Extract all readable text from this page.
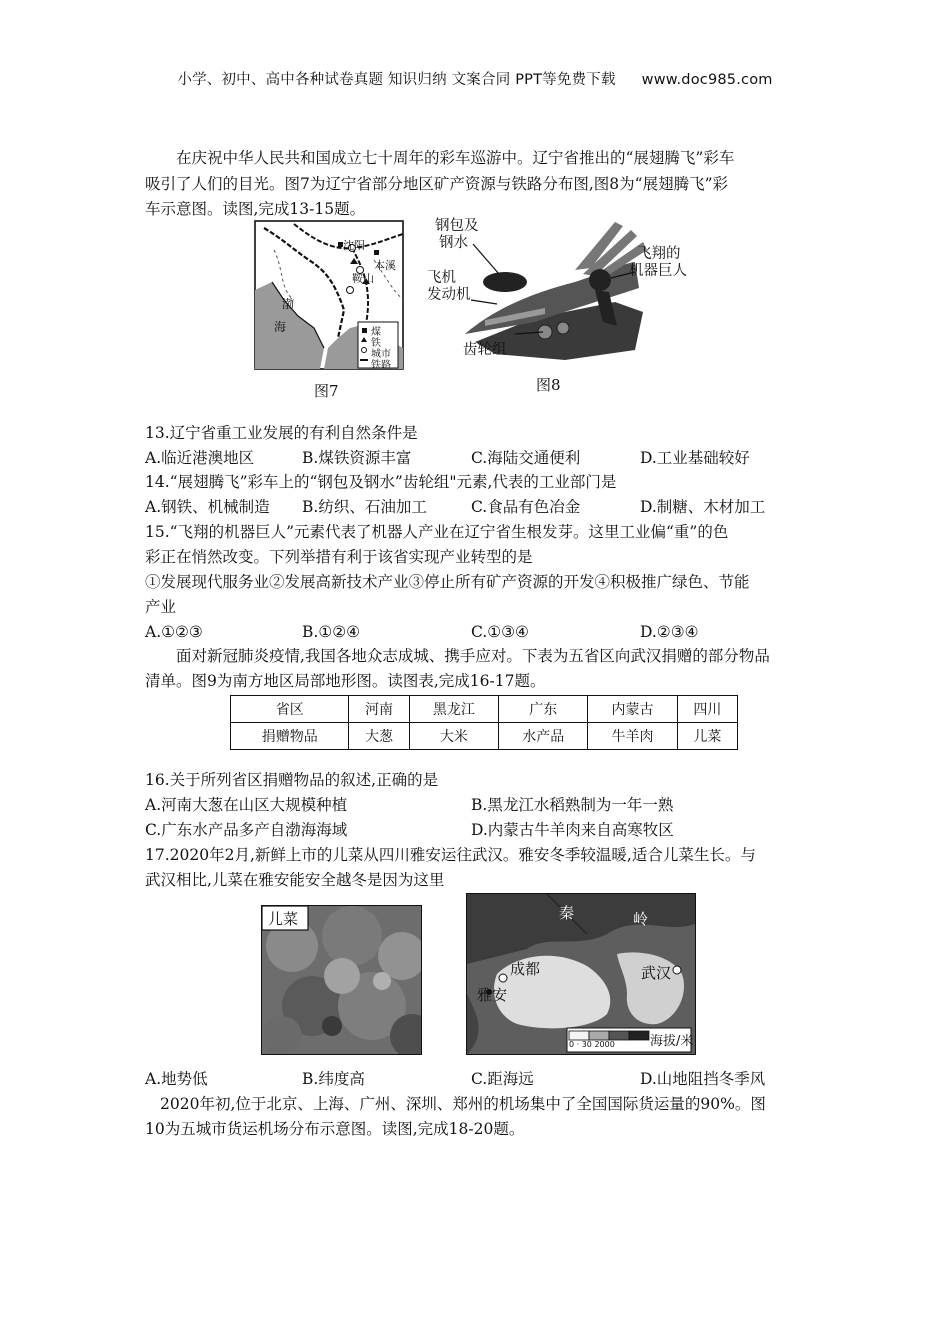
小学、初中、高中各种试卷真题 知识归纳 文案合同 PPT等免费下载 www.doc985.com
在庆祝中华人民共和国成立七十周年的彩车巡游中。辽宁省推出的“展翅腾飞”彩车
吸引了人们的目光。图7为辽宁省部分地区矿产资源与铁路分布图,图8为“展翅腾飞”彩
车示意图。读图,完成13-15题。
沈阳
本溪
鞍山
渤
海	煤
铁
城市
铁路
图7
钢包及
钢水
飞机
发动机
飞翔的
机器巨人
齿轮组
图8
13.辽宁省重工业发展的有利自然条件是
A.临近港澳地区	B.煤铁资源丰富	C.海陆交通便利	D.工业基础较好
14.“展翅腾飞”彩车上的“钢包及钢水”齿轮组"元素,代表的工业部门是
A.钢铁、机械制造 B.纺织、石油加工	C.食品有色冶金	D.制糖、木材加工
15.“飞翔的机器巨人”元素代表了机器人产业在辽宁省生根发芽。这里工业偏“重”的色
彩正在悄然改变。下列举措有利于该省实现产业转型的是
①发展现代服务业②发展高新技术产业③停止所有矿产资源的开发④积极推广绿色、节能
产业
A.①②③	B.①②④	C.①③④	D.②③④
面对新冠肺炎疫情,我国各地众志成城、携手应对。下表为五省区向武汉捐赠的部分物品
清单。图9为南方地区局部地形图。读图表,完成16-17题。
省区	河南	黑龙江	广东	内蒙古	四川
捐赠物品	大葱	大米	水产品	牛羊肉	儿菜
16.关于所列省区捐赠物品的叙述,正确的是
A.河南大葱在山区大规模种植	B.黑龙江水稻熟制为一年一熟
C.广东水产品多产自渤海海域	D.内蒙古牛羊肉来自高寒牧区
17.2020年2月,新鲜上市的儿菜从四川雅安运往武汉。雅安冬季较温暖,适合儿菜生长。与
武汉相比,儿菜在雅安能安全越冬是因为这里
儿菜	秦	岭
成都	武汉
雅安
海拔/米
0 · 30 2000
A.地势低	B.纬度高	C.距海远	D.山地阻挡冬季风
2020年初,位于北京、上海、广州、深圳、郑州的机场集中了全国国际货运量的90%。图
10为五城市货运机场分布示意图。读图,完成18-20题。
